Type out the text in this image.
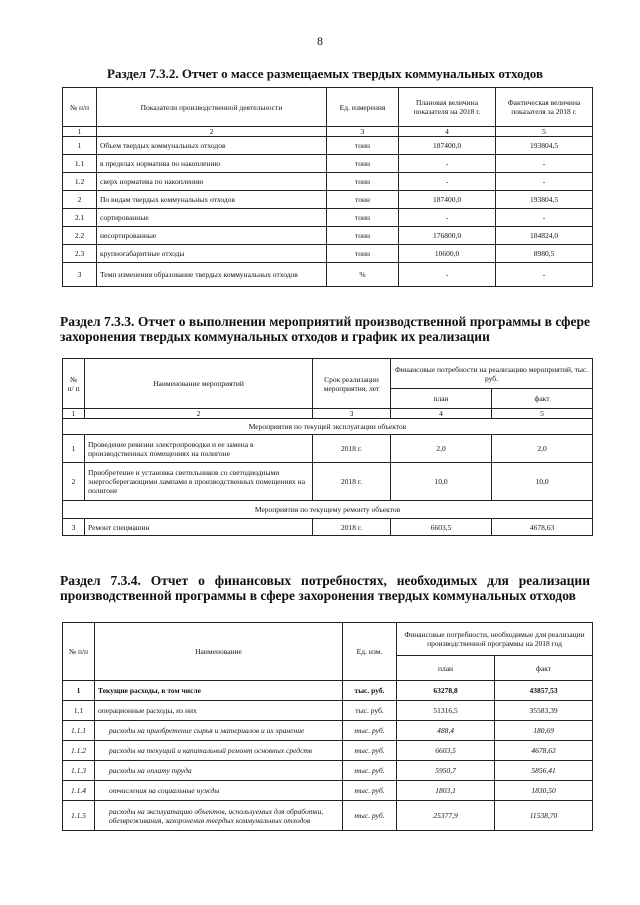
8
Раздел 7.3.2. Отчет о массе размещаемых твердых коммунальных отходов
№ п/п	Показатели производственной деятельности	Ед. измерения	Плановая величина показателя на 2018 г.	Фактическая величина показателя за 2018 г.
1	2	3	4	5
1	Объем твердых коммунальных отходов	тонн	187400,0	193804,5
1.1	в пределах норматива по накоплению	тонн	-	-
1.2	сверх норматива по накоплению	тонн	-	-
2	По видам твердых коммунальных отходов	тонн	187400,0	193804,5
2.1	сортированные	тонн	-	-
2.2	несортированные	тонн	176800,0	184824,0
2.3	крупногабаритные отходы	тонн	10600,0	8980,5
3	Темп изменения образование твердых коммунальных отходов	%	-	-
Раздел 7.3.3. Отчет о выполнении мероприятий производственной программы в сфере захоронения твердых коммунальных отходов и график их реализации
№ п/ п	Наименование мероприятий	Срок реализации мероприятия, лет	Финансовые потребности на реализацию мероприятий, тыс. руб.	
			план	факт
1	2	3	4	5
Мероприятия по текущей эксплуатации объектов				
1	Проведение ревизии электропроводки и ее замена в производственных помещениях на полигоне	2018 г.	2,0	2,0
2	Приобретение и установка светильников со светодиодными энергосберегающими лампами в производственных помещениях на полигоне	2018 г.	10,0	10,0
Мероприятия по текущему ремонту объектов				
3	Ремонт спецмашин	2018 г.	6603,5	4678,63
Раздел 7.3.4. Отчет о финансовых потребностях, необходимых для реализации производственной программы в сфере захоронения твердых коммунальных отходов
№ п/п	Наименование	Ед. изм.	Финансовые потребности, необходимые для реализации производственной программы на 2018 год	
			план	факт
1	Текущие расходы, в том числе	тыс. руб.	63278,8	43857,53
1.1	операционные расходы, из них	тыс. руб.	51316,5	35583,39
1.1.1	расходы на приобретение сырья и материалов и их хранение	тыс. руб.	488,4	180,69
1.1.2	расходы на текущий и капитальный ремонт основных средств	тыс. руб.	6603,5	4678,63
1.1.3	расходы на оплату труда	тыс. руб.	5950,7	5856,41
1.1.4	отчисления на социальные нужды	тыс. руб.	1803,1	1830,50
1.1.5	расходы на эксплуатацию объектов, используемых для обработки, обезвреживания, захоронения твердых коммунальных отходов	тыс. руб.	25377,9	11538,70
